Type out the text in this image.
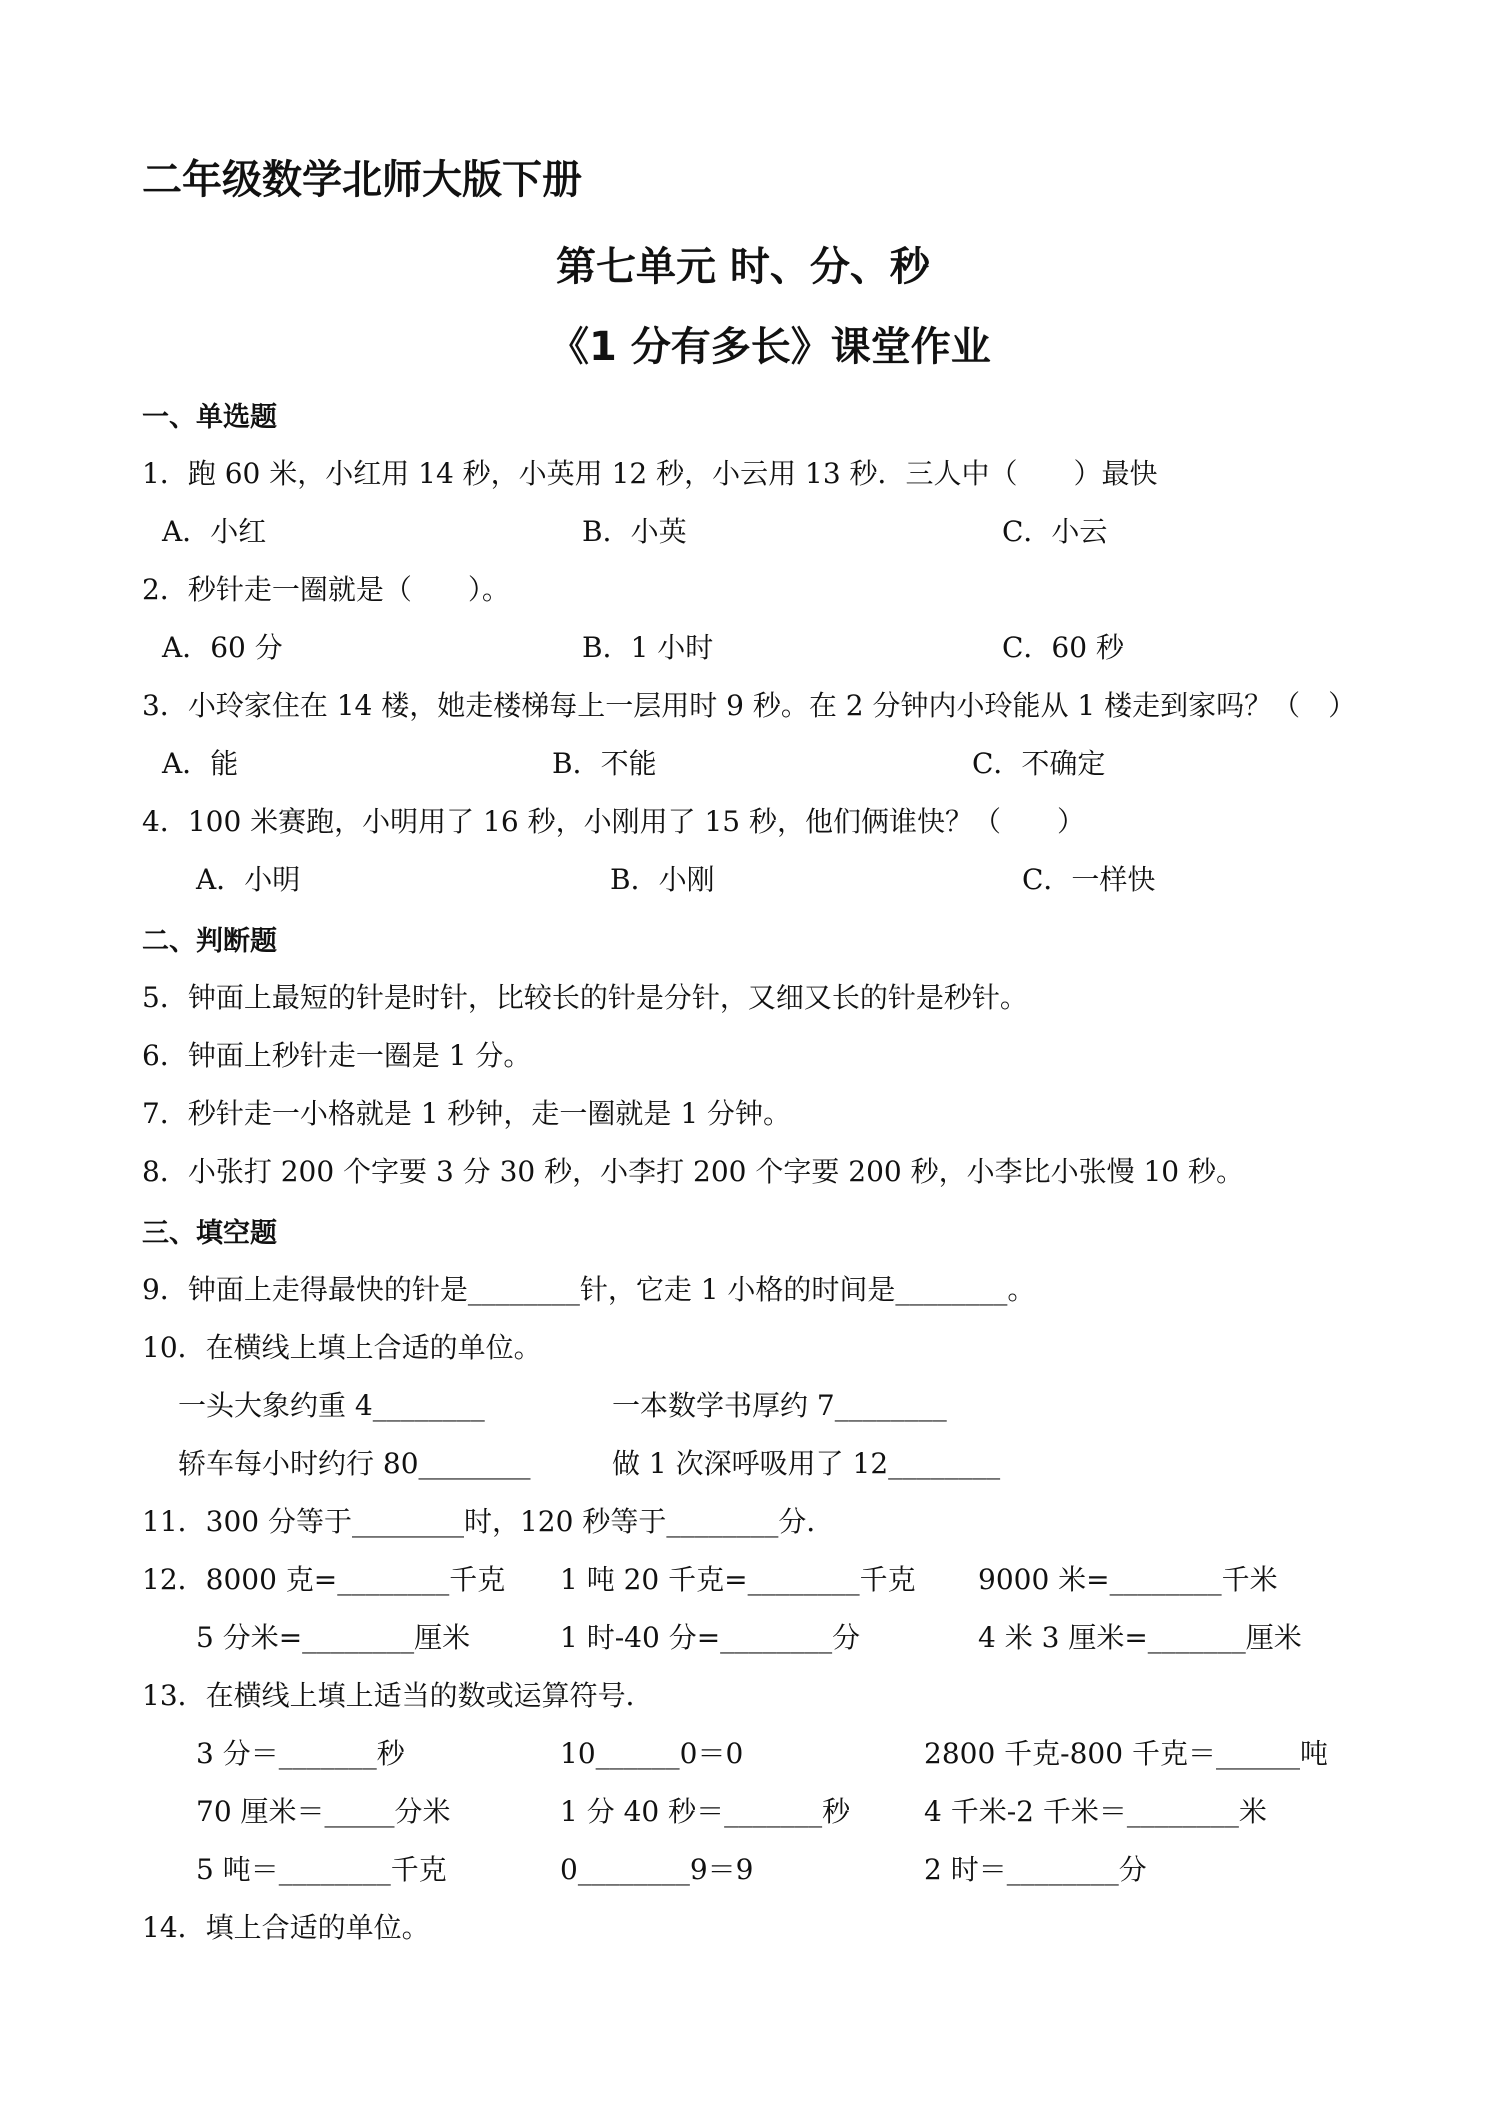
二年级数学北师大版下册
第七单元 时、分、秒
《1 分有多长》课堂作业
一、单选题
1．跑 60 米，小红用 14 秒，小英用 12 秒，小云用 13 秒．三人中（　　）最快
A．小红	B．小英	C．小云
2．秒针走一圈就是（　　）。
A．60 分	B．1 小时	C．60 秒
3．小玲家住在 14 楼，她走楼梯每上一层用时 9 秒。在 2 分钟内小玲能从 1 楼走到家吗？（　）
A．能	B．不能	C．不确定
4．100 米赛跑，小明用了 16 秒，小刚用了 15 秒，他们俩谁快？（　　）
A．小明	B．小刚	C．一样快
二、判断题
5．钟面上最短的针是时针，比较长的针是分针，又细又长的针是秒针。
6．钟面上秒针走一圈是 1 分。
7．秒针走一小格就是 1 秒钟，走一圈就是 1 分钟。
8．小张打 200 个字要 3 分 30 秒，小李打 200 个字要 200 秒，小李比小张慢 10 秒。
三、填空题
9．钟面上走得最快的针是________针，它走 1 小格的时间是________。
10．在横线上填上合适的单位。
一头大象约重 4________	一本数学书厚约 7________
轿车每小时约行 80________	做 1 次深呼吸用了 12________
11．300 分等于________时，120 秒等于________分．
12．8000 克=________千克 1 吨 20 千克=________千克 9000 米=________千米
5 分米=________厘米	1 时-40 分=________分	4 米 3 厘米=_______厘米
13．在横线上填上适当的数或运算符号．
3 分＝_______秒	10______0＝0	2800 千克-800 千克＝______吨
70 厘米＝_____分米	1 分 40 秒＝_______秒	4 千米-2 千米＝________米
5 吨＝________千克	0________9＝9	2 时＝________分
14．填上合适的单位。
